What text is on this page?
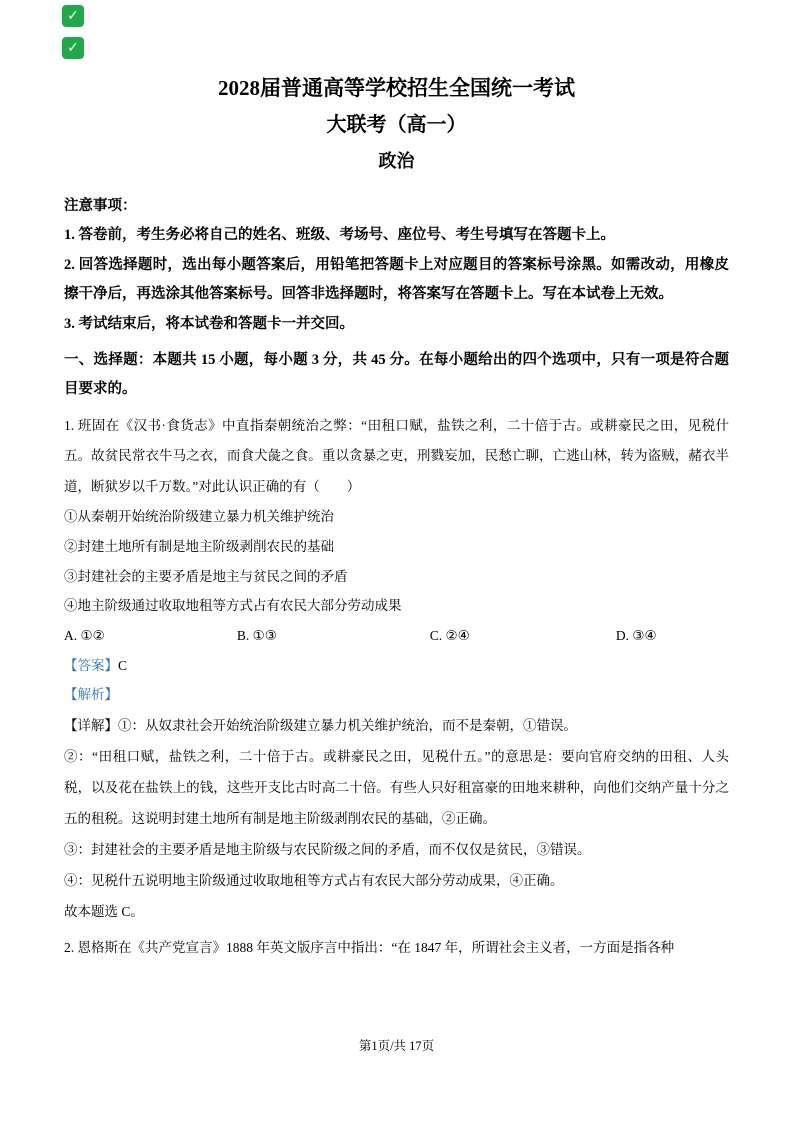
✓
✓
2028届普通高等学校招生全国统一考试
大联考（高一）
政治
注意事项：
1. 答卷前，考生务必将自己的姓名、班级、考场号、座位号、考生号填写在答题卡上。
2. 回答选择题时，选出每小题答案后，用铅笔把答题卡上对应题目的答案标号涂黑。如需改动，用橡皮擦干净后，再选涂其他答案标号。回答非选择题时，将答案写在答题卡上。写在本试卷上无效。
3. 考试结束后，将本试卷和答题卡一并交回。
一、选择题：本题共 15 小题，每小题 3 分，共 45 分。在每小题给出的四个选项中，只有一项是符合题目要求的。
1. 班固在《汉书·食货志》中直指秦朝统治之弊：“田租口赋，盐铁之利，二十倍于古。或耕豪民之田，见税什五。故贫民常衣牛马之衣，而食犬彘之食。重以贪暴之吏，刑戮妄加，民愁亡聊，亡逃山林，转为盗贼，赭衣半道，断狱岁以千万数。”对此认识正确的有（　　）
①从秦朝开始统治阶级建立暴力机关维护统治
②封建土地所有制是地主阶级剥削农民的基础
③封建社会的主要矛盾是地主与贫民之间的矛盾
④地主阶级通过收取地租等方式占有农民大部分劳动成果
A. ①②	B. ①③	C. ②④	D. ③④
【答案】C
【解析】
【详解】①：从奴隶社会开始统治阶级建立暴力机关维护统治，而不是秦朝，①错误。
②：“田租口赋，盐铁之利，二十倍于古。或耕豪民之田，见税什五。”的意思是：要向官府交纳的田租、人头税，以及花在盐铁上的钱，这些开支比古时高二十倍。有些人只好租富豪的田地来耕种，向他们交纳产量十分之五的租税。这说明封建土地所有制是地主阶级剥削农民的基础，②正确。
③：封建社会的主要矛盾是地主阶级与农民阶级之间的矛盾，而不仅仅是贫民，③错误。
④：见税什五说明地主阶级通过收取地租等方式占有农民大部分劳动成果，④正确。
故本题选 C。
2. 恩格斯在《共产党宣言》1888 年英文版序言中指出：“在 1847 年，所谓社会主义者，一方面是指各种
第1页/共 17页
